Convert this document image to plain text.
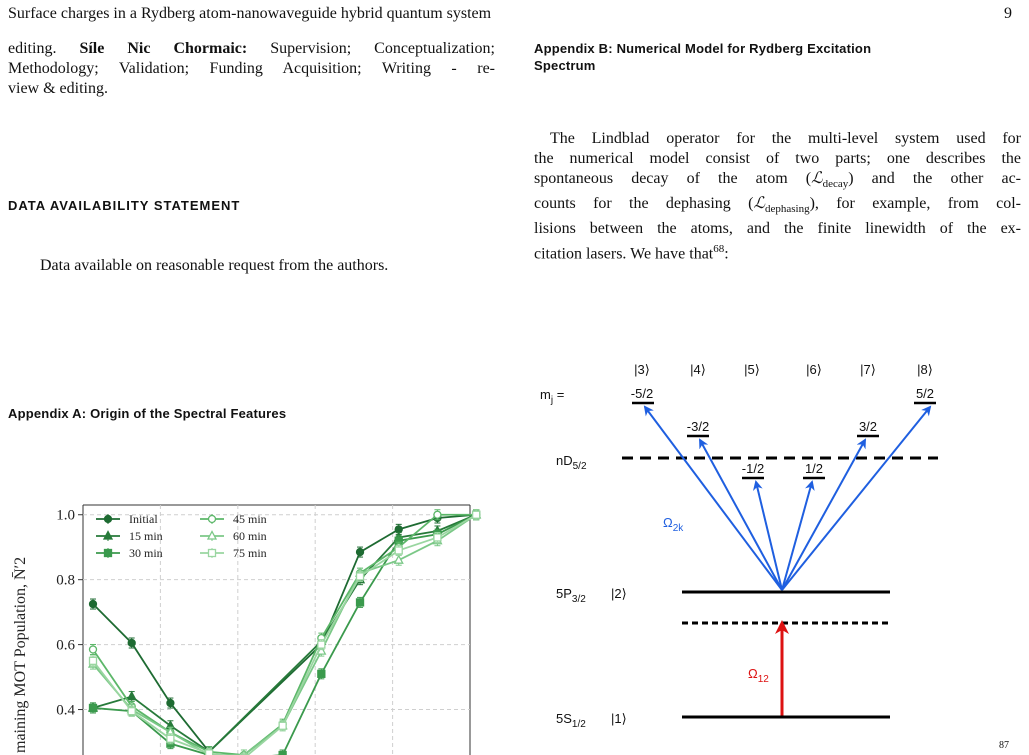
Surface charges in a Rydberg atom-nanowaveguide hybrid quantum system	9
editing. Síle Nic Chormaic: Supervision; Conceptualization;
Methodology; Validation; Funding Acquisition; Writing - re-
view & editing.
DATA AVAILABILITY STATEMENT
Data available on reasonable request from the authors.
Appendix A: Origin of the Spectral Features
Appendix B: Numerical Model for Rydberg Excitation
Spectrum
The Lindblad operator for the multi-level system used for
the numerical model consist of two parts; one describes the
spontaneous decay of the atom (ℒ$_{decay}$) and the other ac-
counts for the dephasing (ℒ$_{dephasing}$), for example, from col-
lisions between the atoms, and the finite linewidth of the ex-
citation lasers. We have that$^{68}$:
0.4
0.6
0.8
1.0	Initial
15 min
30 min
45 min
60 min
75 min
maining MOT Population, N̄′2
|3⟩	|4⟩	|5⟩	|6⟩	|7⟩	|8⟩
$m_j$ =	-5/2
-3/2
-1/2	1/2
3/2
5/2
$nD_{5/2}$
$\Omega_{2k}$
$5P_{3/2}$ |2⟩
$\Omega_{12}$
$5S_{1/2}$ |1⟩
87
